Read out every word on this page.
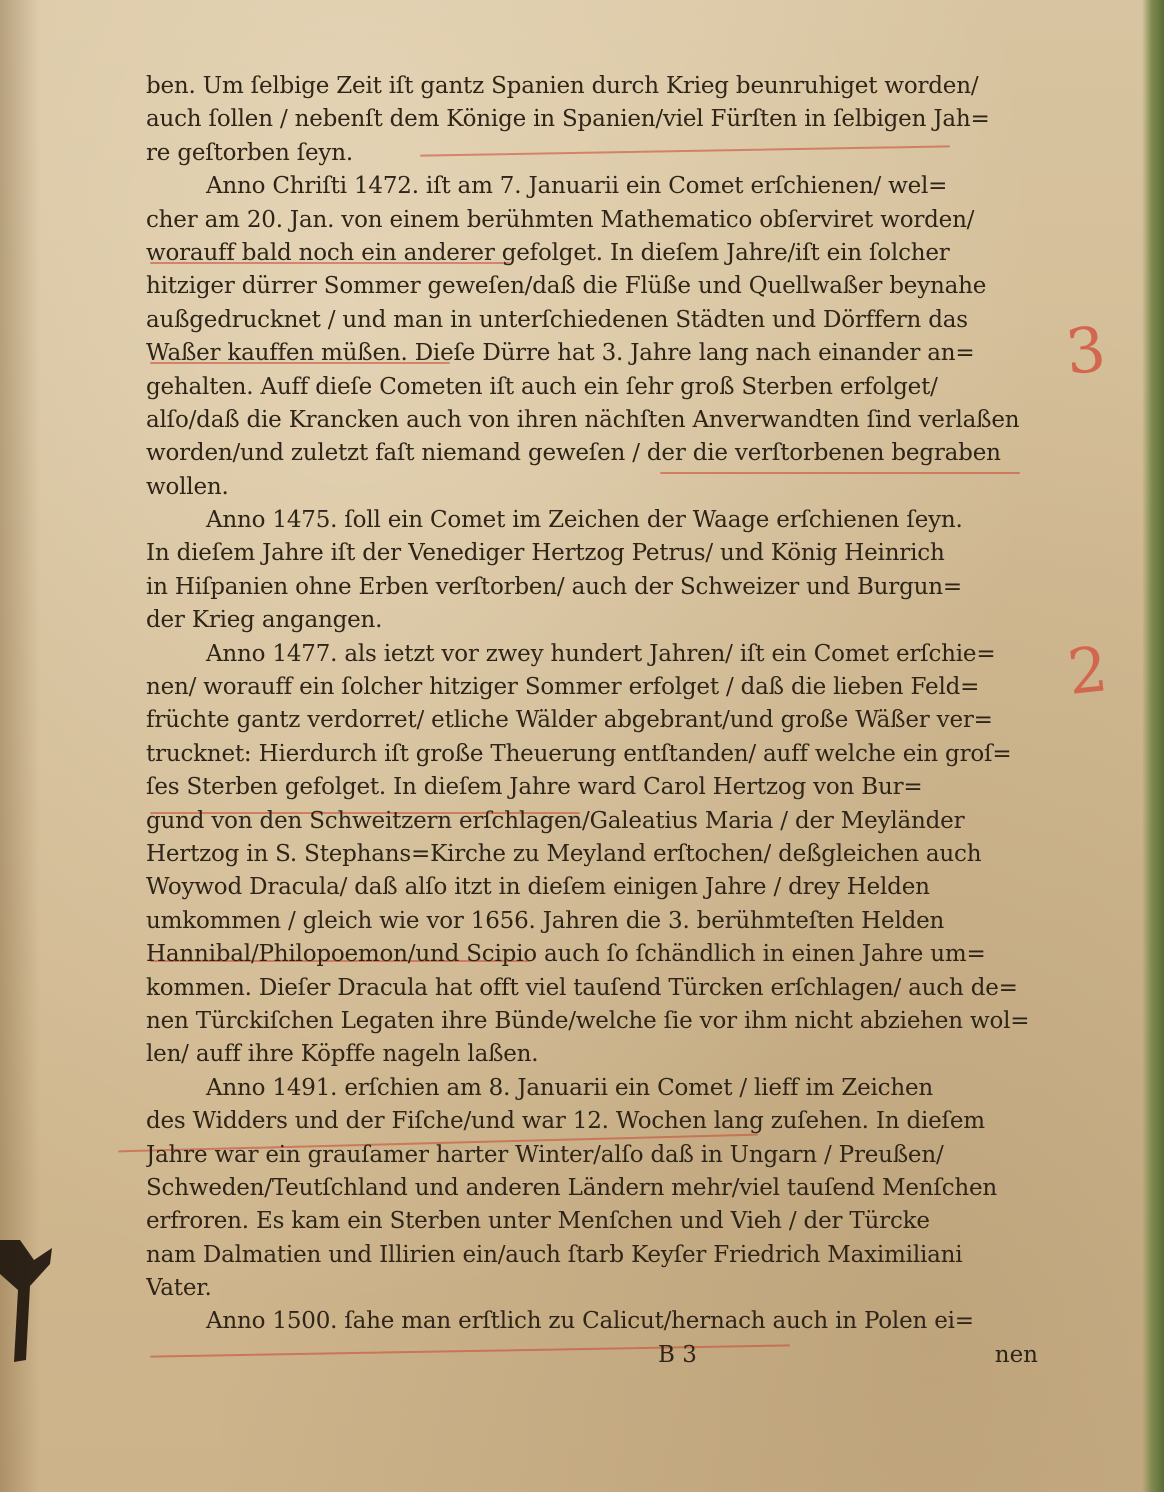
ben. Um ſelbige Zeit iſt gantz Spanien durch Krieg beunruhiget worden/
auch ſollen / nebenſt dem Könige in Spanien/viel Fürſten in ſelbigen Jah=
re geſtorben ſeyn.
Anno Chriſti 1472. iſt am 7. Januarii ein Comet erſchienen/ wel=
cher am 20. Jan. von einem berühmten Mathematico obſerviret worden/
worauff bald noch ein anderer gefolget. In dieſem Jahre/iſt ein ſolcher
hitziger dürrer Sommer geweſen/daß die Flüße und Quellwaßer beynahe
außgedrucknet / und man in unterſchiedenen Städten und Dörffern das
Waßer kauffen müßen. Dieſe Dürre hat 3. Jahre lang nach einander an=
gehalten. Auff dieſe Cometen iſt auch ein ſehr groß Sterben erfolget/
alſo/daß die Krancken auch von ihren nächſten Anverwandten ſind verlaßen
worden/und zuletzt faſt niemand geweſen / der die verſtorbenen begraben
wollen.
Anno 1475. ſoll ein Comet im Zeichen der Waage erſchienen ſeyn.
In dieſem Jahre iſt der Venediger Hertzog Petrus/ und König Heinrich
in Hiſpanien ohne Erben verſtorben/ auch der Schweizer und Burgun=
der Krieg angangen.
Anno 1477. als ietzt vor zwey hundert Jahren/ iſt ein Comet erſchie=
nen/ worauff ein ſolcher hitziger Sommer erfolget / daß die lieben Feld=
früchte gantz verdorret/ etliche Wälder abgebrant/und große Wäßer ver=
trucknet: Hierdurch iſt große Theuerung entſtanden/ auff welche ein groſ=
ſes Sterben gefolget. In dieſem Jahre ward Carol Hertzog von Bur=
gund von den Schweitzern erſchlagen/Galeatius Maria / der Meyländer
Hertzog in S. Stephans=Kirche zu Meyland erſtochen/ deßgleichen auch
Woywod Dracula/ daß alſo itzt in dieſem einigen Jahre / drey Helden
umkommen / gleich wie vor 1656. Jahren die 3. berühmteſten Helden
Hannibal/Philopoemon/und Scipio auch ſo ſchändlich in einen Jahre um=
kommen. Dieſer Dracula hat offt viel tauſend Türcken erſchlagen/ auch de=
nen Türckiſchen Legaten ihre Bünde/welche ſie vor ihm nicht abziehen wol=
len/ auff ihre Köpffe nageln laßen.
Anno 1491. erſchien am 8. Januarii ein Comet / lieff im Zeichen
des Widders und der Fiſche/und war 12. Wochen lang zuſehen. In dieſem
Jahre war ein grauſamer harter Winter/alſo daß in Ungarn / Preußen/
Schweden/Teutſchland und anderen Ländern mehr/viel tauſend Menſchen
erfroren. Es kam ein Sterben unter Menſchen und Vieh / der Türcke
nam Dalmatien und Illirien ein/auch ſtarb Keyſer Friedrich Maximiliani
Vater.
Anno 1500. ſahe man erſtlich zu Calicut/hernach auch in Polen ei=
3
2
B 3	nen
